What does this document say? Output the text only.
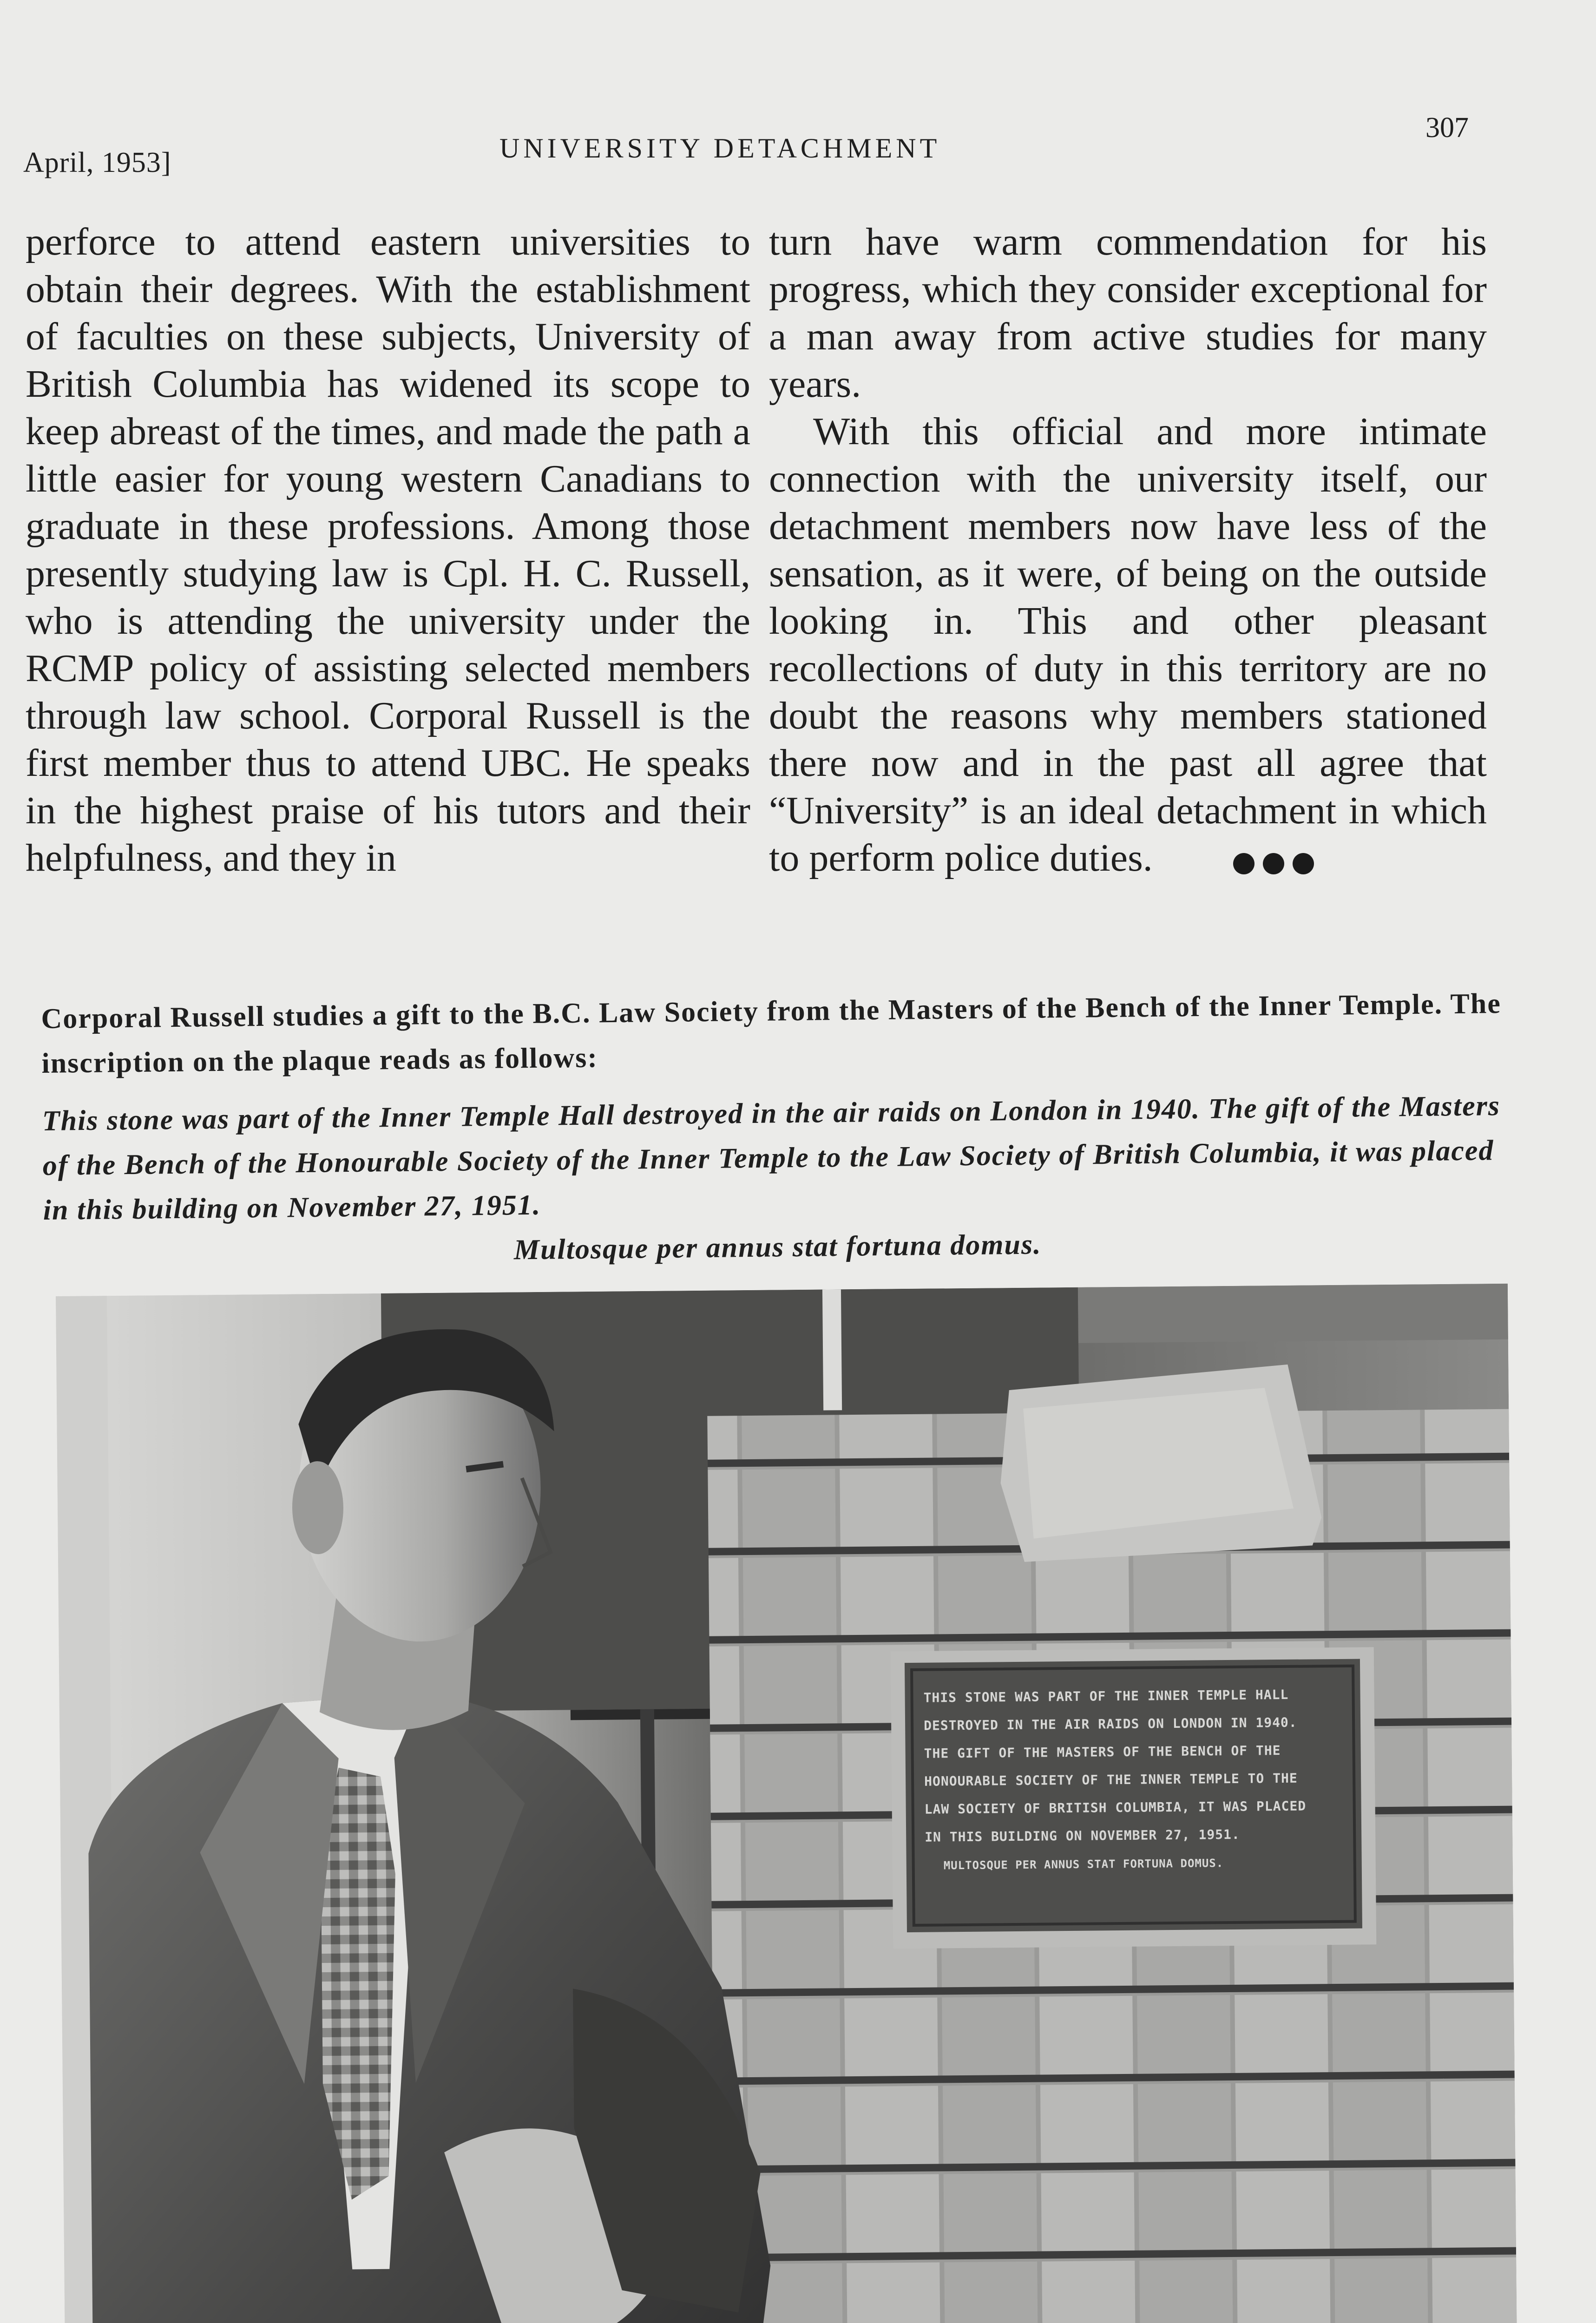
April, 1953]	UNIVERSITY DETACHMENT
307

perforce to attend eastern universities to obtain their degrees. With the establishment of faculties on these subjects, University of British Columbia has widened its scope to keep abreast of the times, and made the path a little easier for young western Canadians to graduate in these professions. Among those presently studying law is Cpl. H. C. Russell, who is attending the university under the RCMP policy of assisting selected members through law school. Corporal Russell is the first member thus to attend UBC. He speaks in the highest praise of his tutors and their helpfulness, and they in

turn have warm commendation for his progress, which they consider exceptional for a man away from active studies for many years.

With this official and more intimate connection with the university itself, our detachment members now have less of the sensation, as it were, of being on the outside looking in. This and other pleasant recollections of duty in this territory are no doubt the reasons why members stationed there now and in the past all agree that “University” is an ideal detachment in which to perform police duties.

Corporal Russell studies a gift to the B.C. Law Society from the Masters of the Bench of the Inner Temple. The inscription on the plaque reads as follows:

This stone was part of the Inner Temple Hall destroyed in the air raids on London in 1940. The gift of the Masters of the Bench of the Honourable Society of the Inner Temple to the Law Society of British Columbia, it was placed in this building on November 27, 1951.
Multosque per annus stat fortuna domus.

THIS STONE WAS PART OF THE INNER TEMPLE HALL
DESTROYED IN THE AIR RAIDS ON LONDON IN 1940.
THE GIFT OF THE MASTERS OF THE BENCH OF THE
HONOURABLE SOCIETY OF THE INNER TEMPLE TO THE
LAW SOCIETY OF BRITISH COLUMBIA, IT WAS PLACED
IN THIS BUILDING ON NOVEMBER 27, 1951.
MULTOSQUE PER ANNUS STAT FORTUNA DOMUS.
